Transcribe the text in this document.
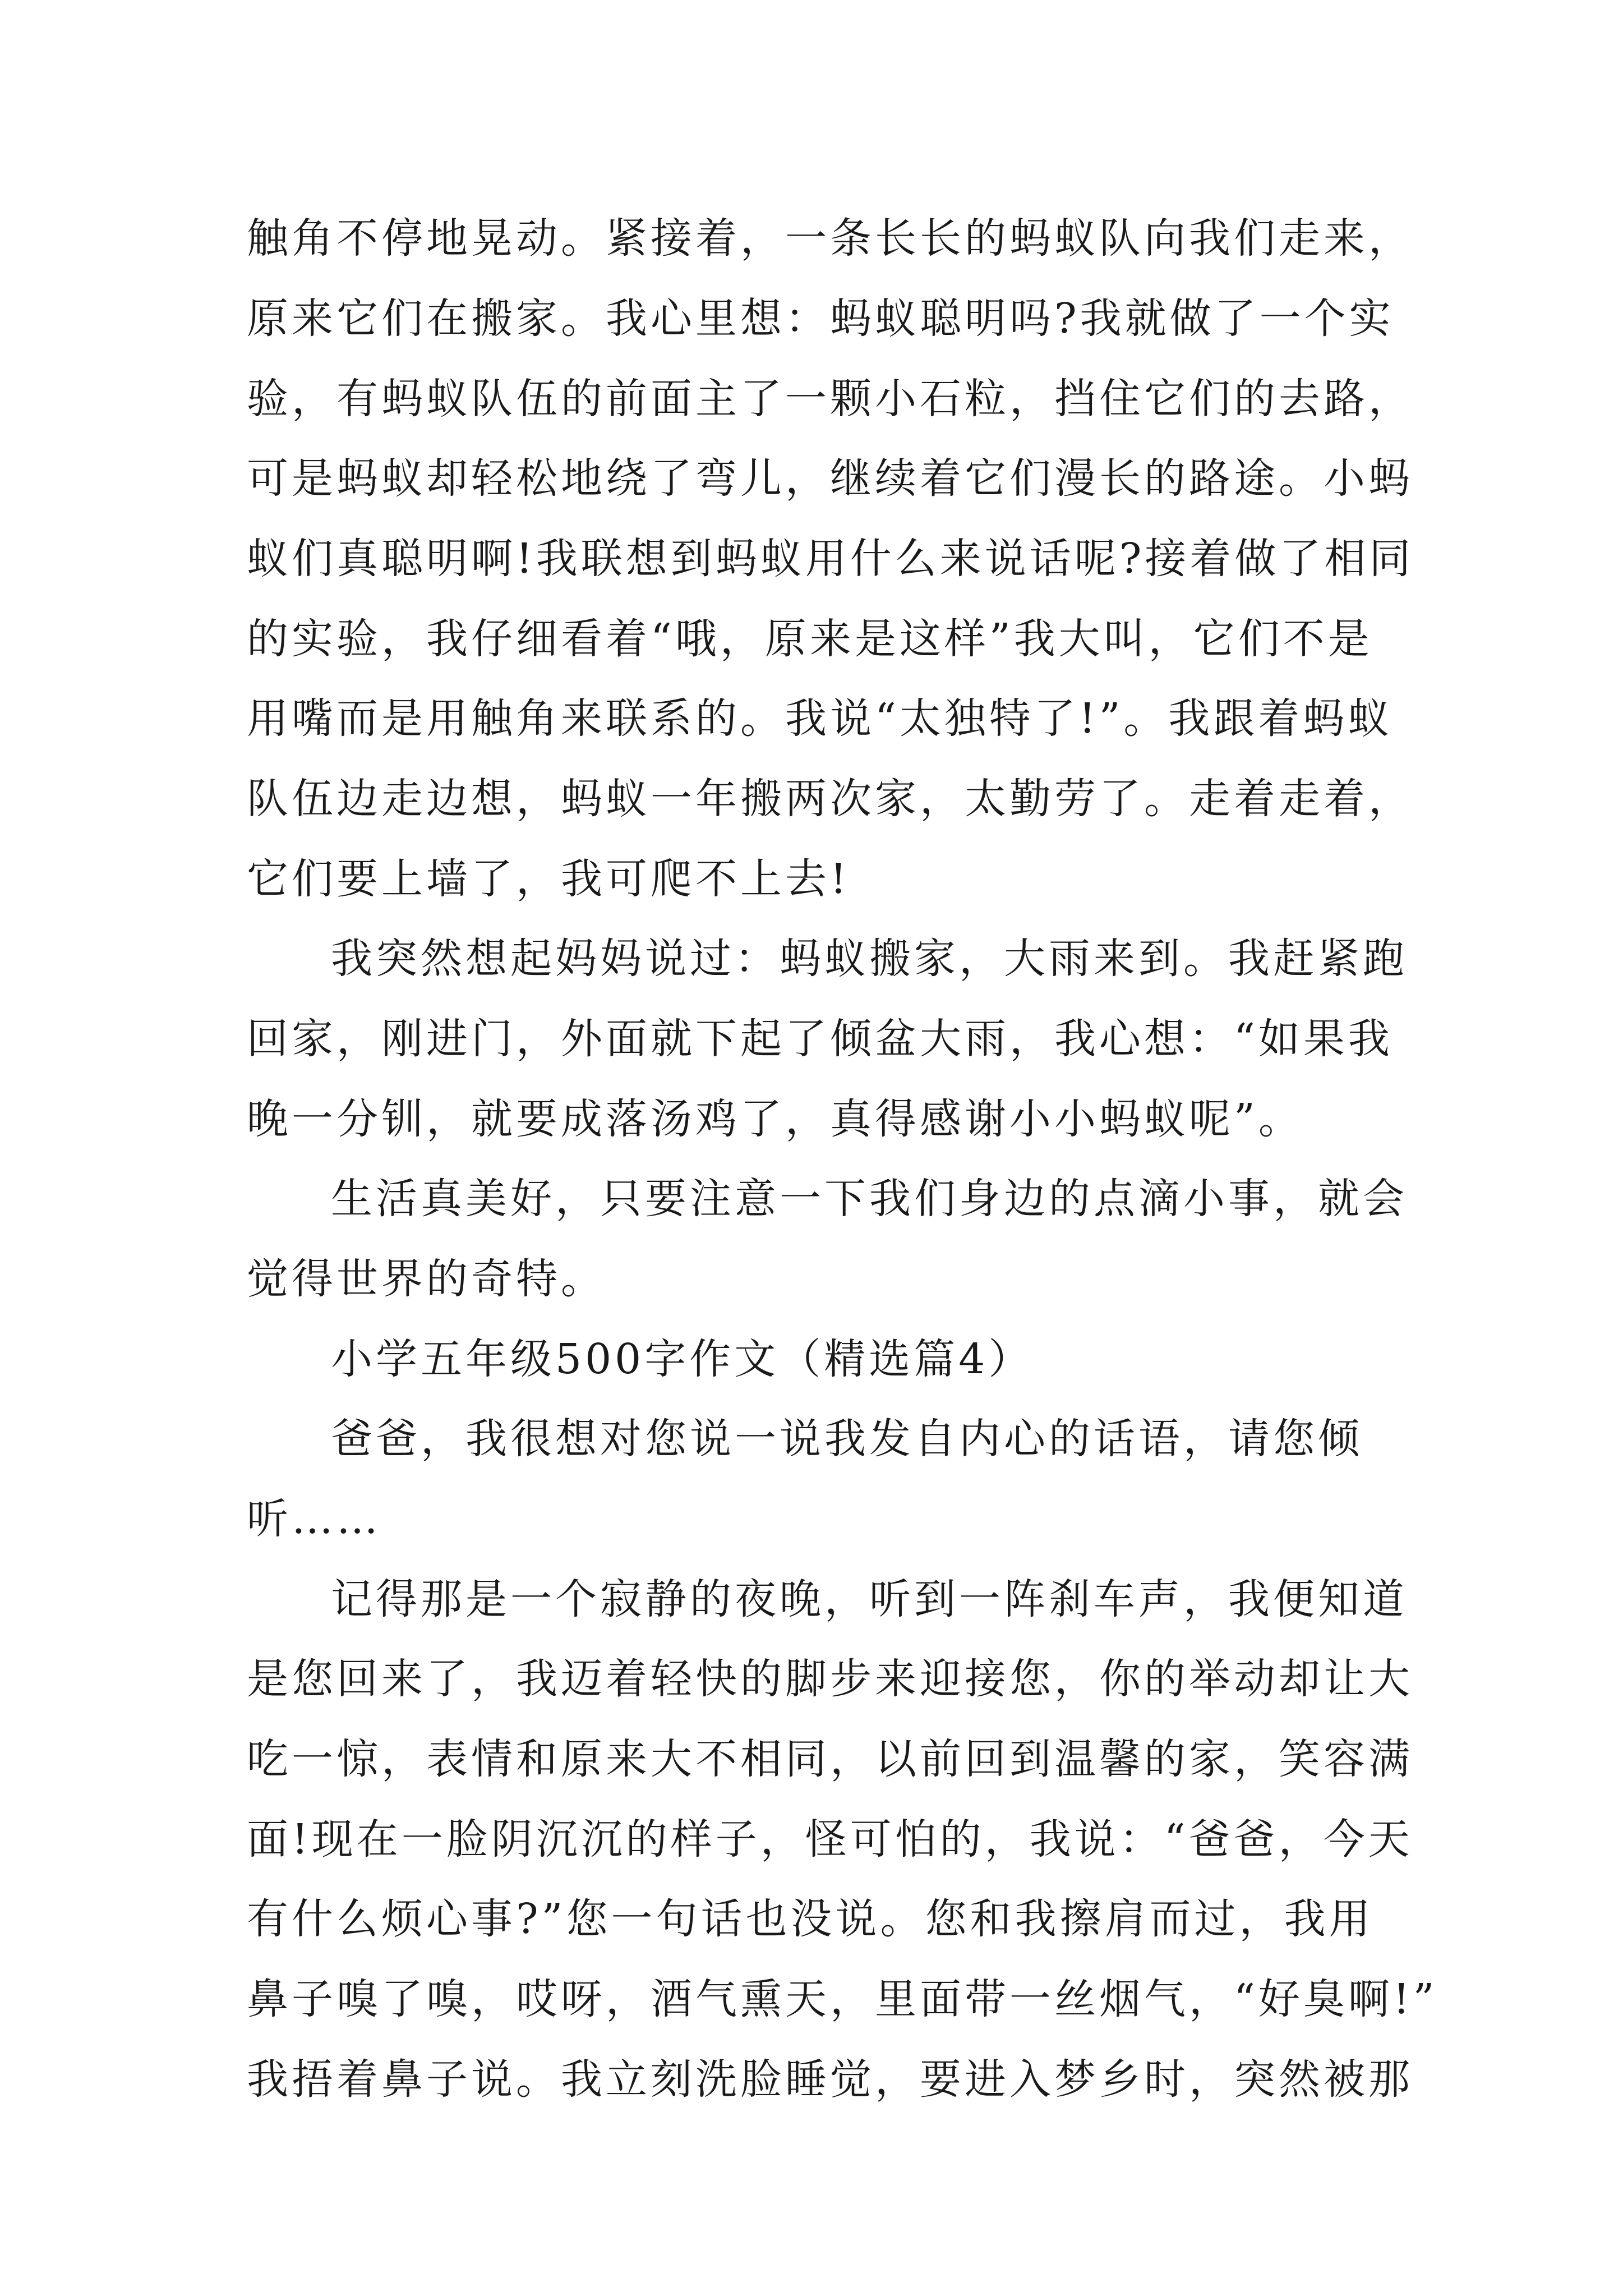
触角不停地晃动。紧接着，一条长长的蚂蚁队向我们走来，
原来它们在搬家。我心里想：蚂蚁聪明吗?我就做了一个实
验，有蚂蚁队伍的前面主了一颗小石粒，挡住它们的去路，
可是蚂蚁却轻松地绕了弯儿，继续着它们漫长的路途。小蚂
蚁们真聪明啊!我联想到蚂蚁用什么来说话呢?接着做了相同
的实验，我仔细看着“哦，原来是这样”我大叫，它们不是
用嘴而是用触角来联系的。我说“太独特了!”。我跟着蚂蚁
队伍边走边想，蚂蚁一年搬两次家，太勤劳了。走着走着，
它们要上墙了，我可爬不上去!
我突然想起妈妈说过：蚂蚁搬家，大雨来到。我赶紧跑
回家，刚进门，外面就下起了倾盆大雨，我心想：“如果我
晚一分钏，就要成落汤鸡了，真得感谢小小蚂蚁呢”。
生活真美好，只要注意一下我们身边的点滴小事，就会
觉得世界的奇特。
小学五年级500字作文（精选篇4）
爸爸，我很想对您说一说我发自内心的话语，请您倾
听……
记得那是一个寂静的夜晚，听到一阵刹车声，我便知道
是您回来了，我迈着轻快的脚步来迎接您，你的举动却让大
吃一惊，表情和原来大不相同，以前回到温馨的家，笑容满
面!现在一脸阴沉沉的样子，怪可怕的，我说：“爸爸，今天
有什么烦心事?”您一句话也没说。您和我擦肩而过，我用
鼻子嗅了嗅，哎呀，酒气熏天，里面带一丝烟气，“好臭啊!”
我捂着鼻子说。我立刻洗脸睡觉，要进入梦乡时，突然被那
